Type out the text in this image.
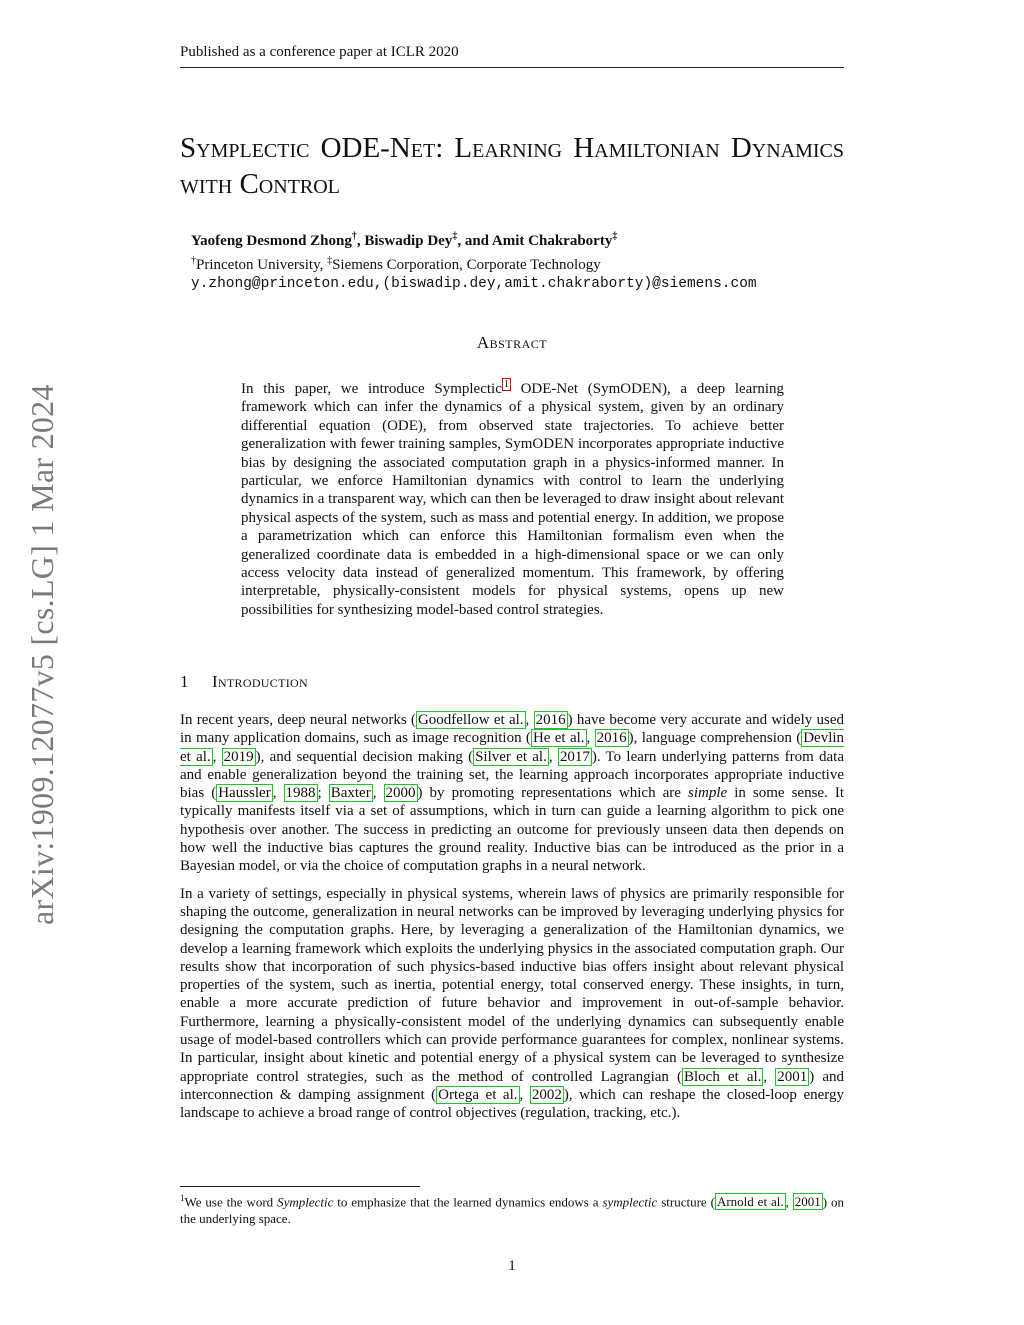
Published as a conference paper at ICLR 2020
arXiv:1909.12077v5 [cs.LG] 1 Mar 2024
Symplectic ODE-Net: Learning Hamiltonian Dynamics with Control
Yaofeng Desmond Zhong†, Biswadip Dey‡, and Amit Chakraborty‡
†Princeton University, ‡Siemens Corporation, Corporate Technology
y.zhong@princeton.edu,(biswadip.dey,amit.chakraborty)@siemens.com
Abstract
In this paper, we introduce Symplectic $^1$ ODE-Net (SymODEN), a deep learning framework which can infer the dynamics of a physical system, given by an ordinary differential equation (ODE), from observed state trajectories. To achieve better generalization with fewer training samples, SymODEN incorporates appropriate inductive bias by designing the associated computation graph in a physics-informed manner. In particular, we enforce Hamiltonian dynamics with control to learn the underlying dynamics in a transparent way, which can then be leveraged to draw insight about relevant physical aspects of the system, such as mass and potential energy. In addition, we propose a parametrization which can enforce this Hamiltonian formalism even when the generalized coordinate data is embedded in a high-dimensional space or we can only access velocity data instead of generalized momentum. This framework, by offering interpretable, physically-consistent models for physical systems, opens up new possibilities for synthesizing model-based control strategies.
1 Introduction

In recent years, deep neural networks ( Goodfellow et al. , 2016 ) have become very accurate and widely used in many application domains, such as image recognition ( He et al. , 2016 ), language comprehension ( Devlin et al. , 2019 ), and sequential decision making ( Silver et al. , 2017 ). To learn underlying patterns from data and enable generalization beyond the training set, the learning approach incorporates appropriate inductive bias ( Haussler , 1988 ; Baxter , 2000 ) by promoting representations which are simple in some sense. It typically manifests itself via a set of assumptions, which in turn can guide a learning algorithm to pick one hypothesis over another. The success in predicting an outcome for previously unseen data then depends on how well the inductive bias captures the ground reality. Inductive bias can be introduced as the prior in a Bayesian model, or via the choice of computation graphs in a neural network.

In a variety of settings, especially in physical systems, wherein laws of physics are primarily responsible for shaping the outcome, generalization in neural networks can be improved by leveraging underlying physics for designing the computation graphs. Here, by leveraging a generalization of the Hamiltonian dynamics, we develop a learning framework which exploits the underlying physics in the associated computation graph. Our results show that incorporation of such physics-based inductive bias offers insight about relevant physical properties of the system, such as inertia, potential energy, total conserved energy. These insights, in turn, enable a more accurate prediction of future behavior and improvement in out-of-sample behavior. Furthermore, learning a physically-consistent model of the underlying dynamics can subsequently enable usage of model-based controllers which can provide performance guarantees for complex, nonlinear systems. In particular, insight about kinetic and potential energy of a physical system can be leveraged to synthesize appropriate control strategies, such as the method of controlled Lagrangian ( Bloch et al. , 2001 ) and interconnection & damping assignment ( Ortega et al. , 2002 ), which can reshape the closed-loop energy landscape to achieve a broad range of control objectives (regulation, tracking, etc.).

$^1$We use the word Symplectic to emphasize that the learned dynamics endows a symplectic structure ( Arnold et al. , 2001 ) on the underlying space.
1
